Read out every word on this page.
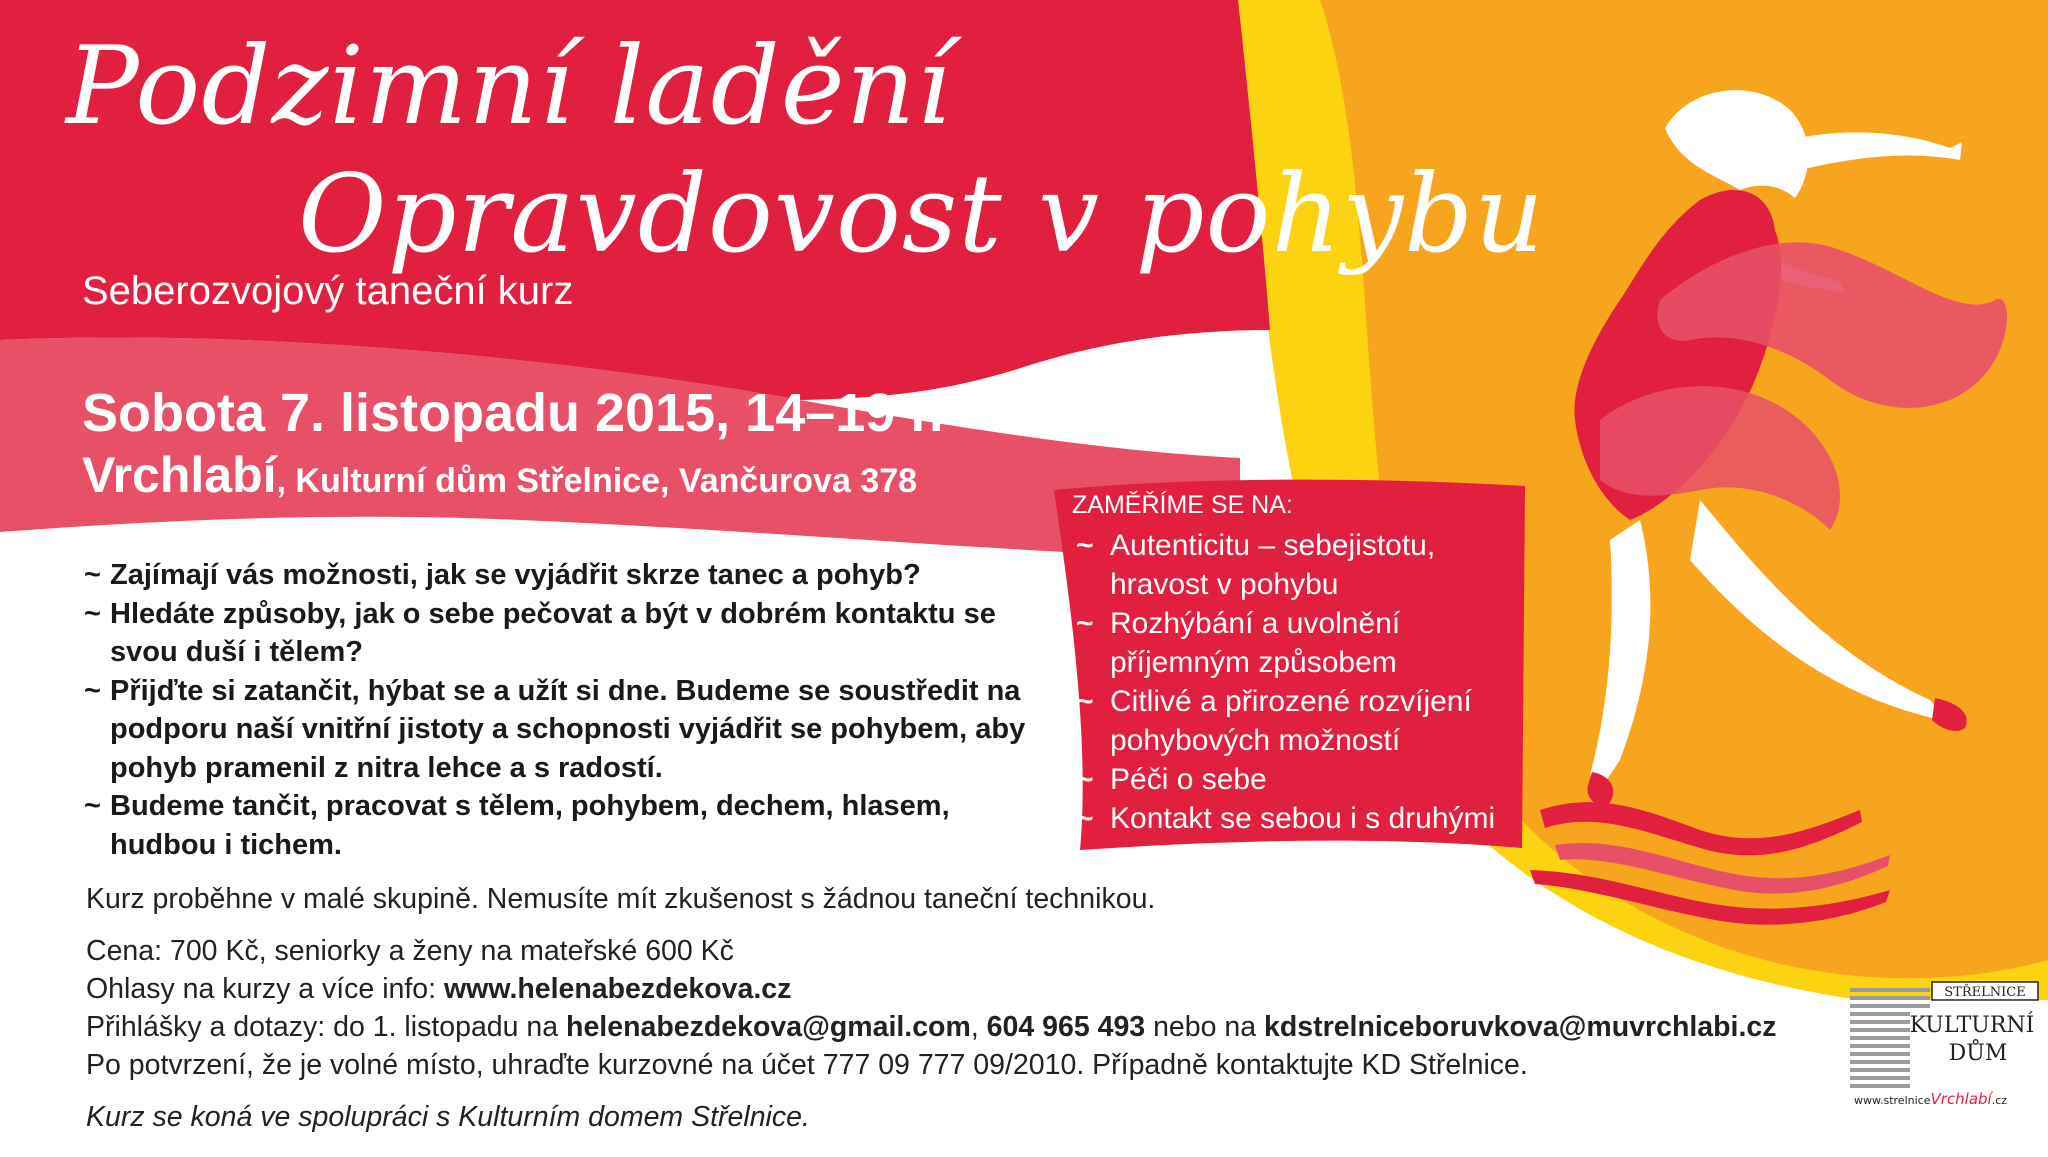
Podzimní ladění
Opravdovost v pohybu
Seberozvojový taneční kurz
Sobota 7. listopadu 2015, 14–19 h
Vrchlabí, Kulturní dům Střelnice, Vančurova 378
~ Zajímají vás možnosti, jak se vyjádřit skrze tanec a pohyb?
~ Hledáte způsoby, jak o sebe pečovat a být v dobrém kontaktu se svou duší i tělem?
~ Přijďte si zatančit, hýbat se a užít si dne. Budeme se soustředit na podporu naší vnitřní jistoty a schopnosti vyjádřit se pohybem, aby pohyb pramenil z nitra lehce a s radostí.
~ Budeme tančit, pracovat s tělem, pohybem, dechem, hlasem, hudbou i tichem.
ZAMĚŘÍME SE NA:
~ Autenticitu – sebejistotu, hravost v pohybu
~ Rozhýbání a uvolnění příjemným způsobem
~ Citlivé a přirozené rozvíjení pohybových možností
~ Péči o sebe
~ Kontakt se sebou i s druhými
Kurz proběhne v malé skupině. Nemusíte mít zkušenost s žádnou taneční technikou.
Cena: 700 Kč, seniorky a ženy na mateřské 600 Kč
Ohlasy na kurzy a více info: www.helenabezdekova.cz
Přihlášky a dotazy: do 1. listopadu na helenabezdekova@gmail.com, 604 965 493 nebo na kdstrelniceboruvkova@muvrchlabi.cz
Po potvrzení, že je volné místo, uhraďte kurzovné na účet 777 09 777 09/2010. Případně kontaktujte KD Střelnice.
Kurz se koná ve spolupráci s Kulturním domem Střelnice.
STŘELNICE
KULTURNÍ
DŮM
www.strelniceVrchlabí.cz
